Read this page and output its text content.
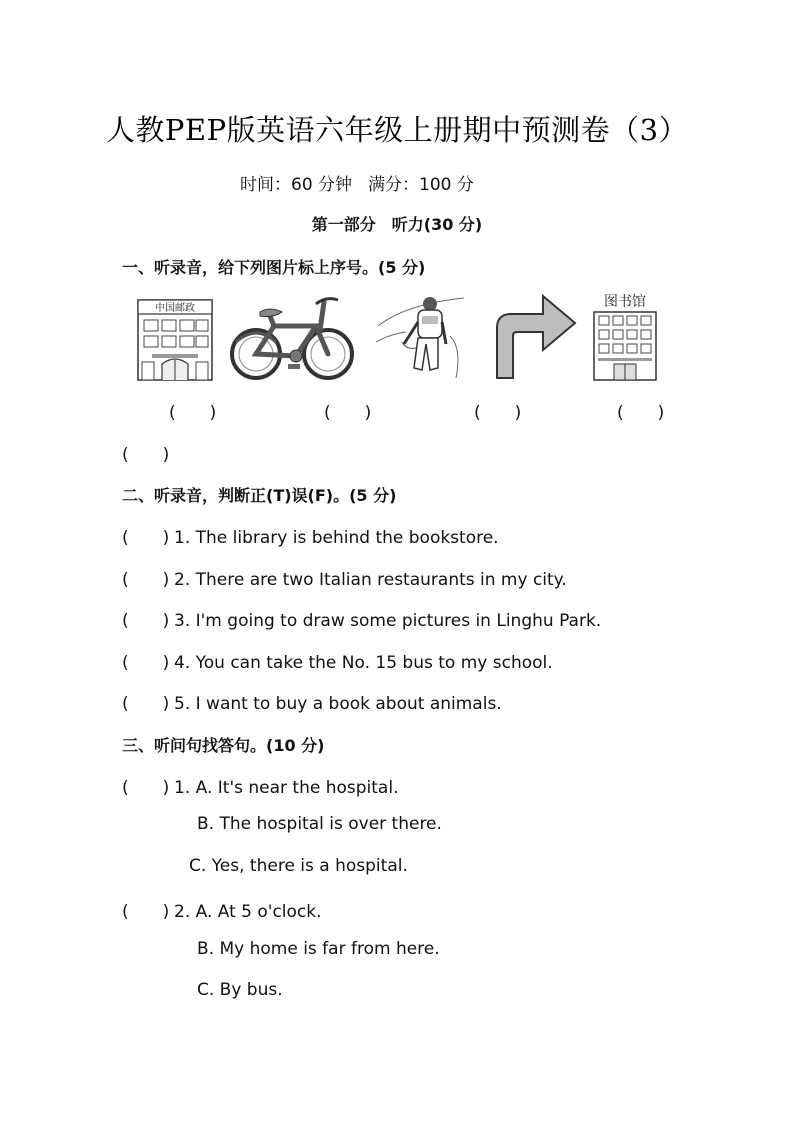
人教PEP版英语六年级上册期中预测卷（3）
时间：60 分钟 满分：100 分
第一部分　听力(30 分)
一、听录音，给下列图片标上序号。(5 分)
中国邮政	图书馆
(　　)	(　　)	(　　)	(　　)
(　　)
二、听录音，判断正(T)误(F)。(5 分)
(　　) 1. The library is behind the bookstore.
(　　) 2. There are two Italian restaurants in my city.
(　　) 3. I'm going to draw some pictures in Linghu Park.
(　　) 4. You can take the No. 15 bus to my school.
(　　) 5. I want to buy a book about animals.
三、听问句找答句。(10 分)
(　　) 1. A. It's near the hospital.
B. The hospital is over there.
C. Yes, there is a hospital.
(　　) 2. A. At 5 o'clock.
B. My home is far from here.
C. By bus.
